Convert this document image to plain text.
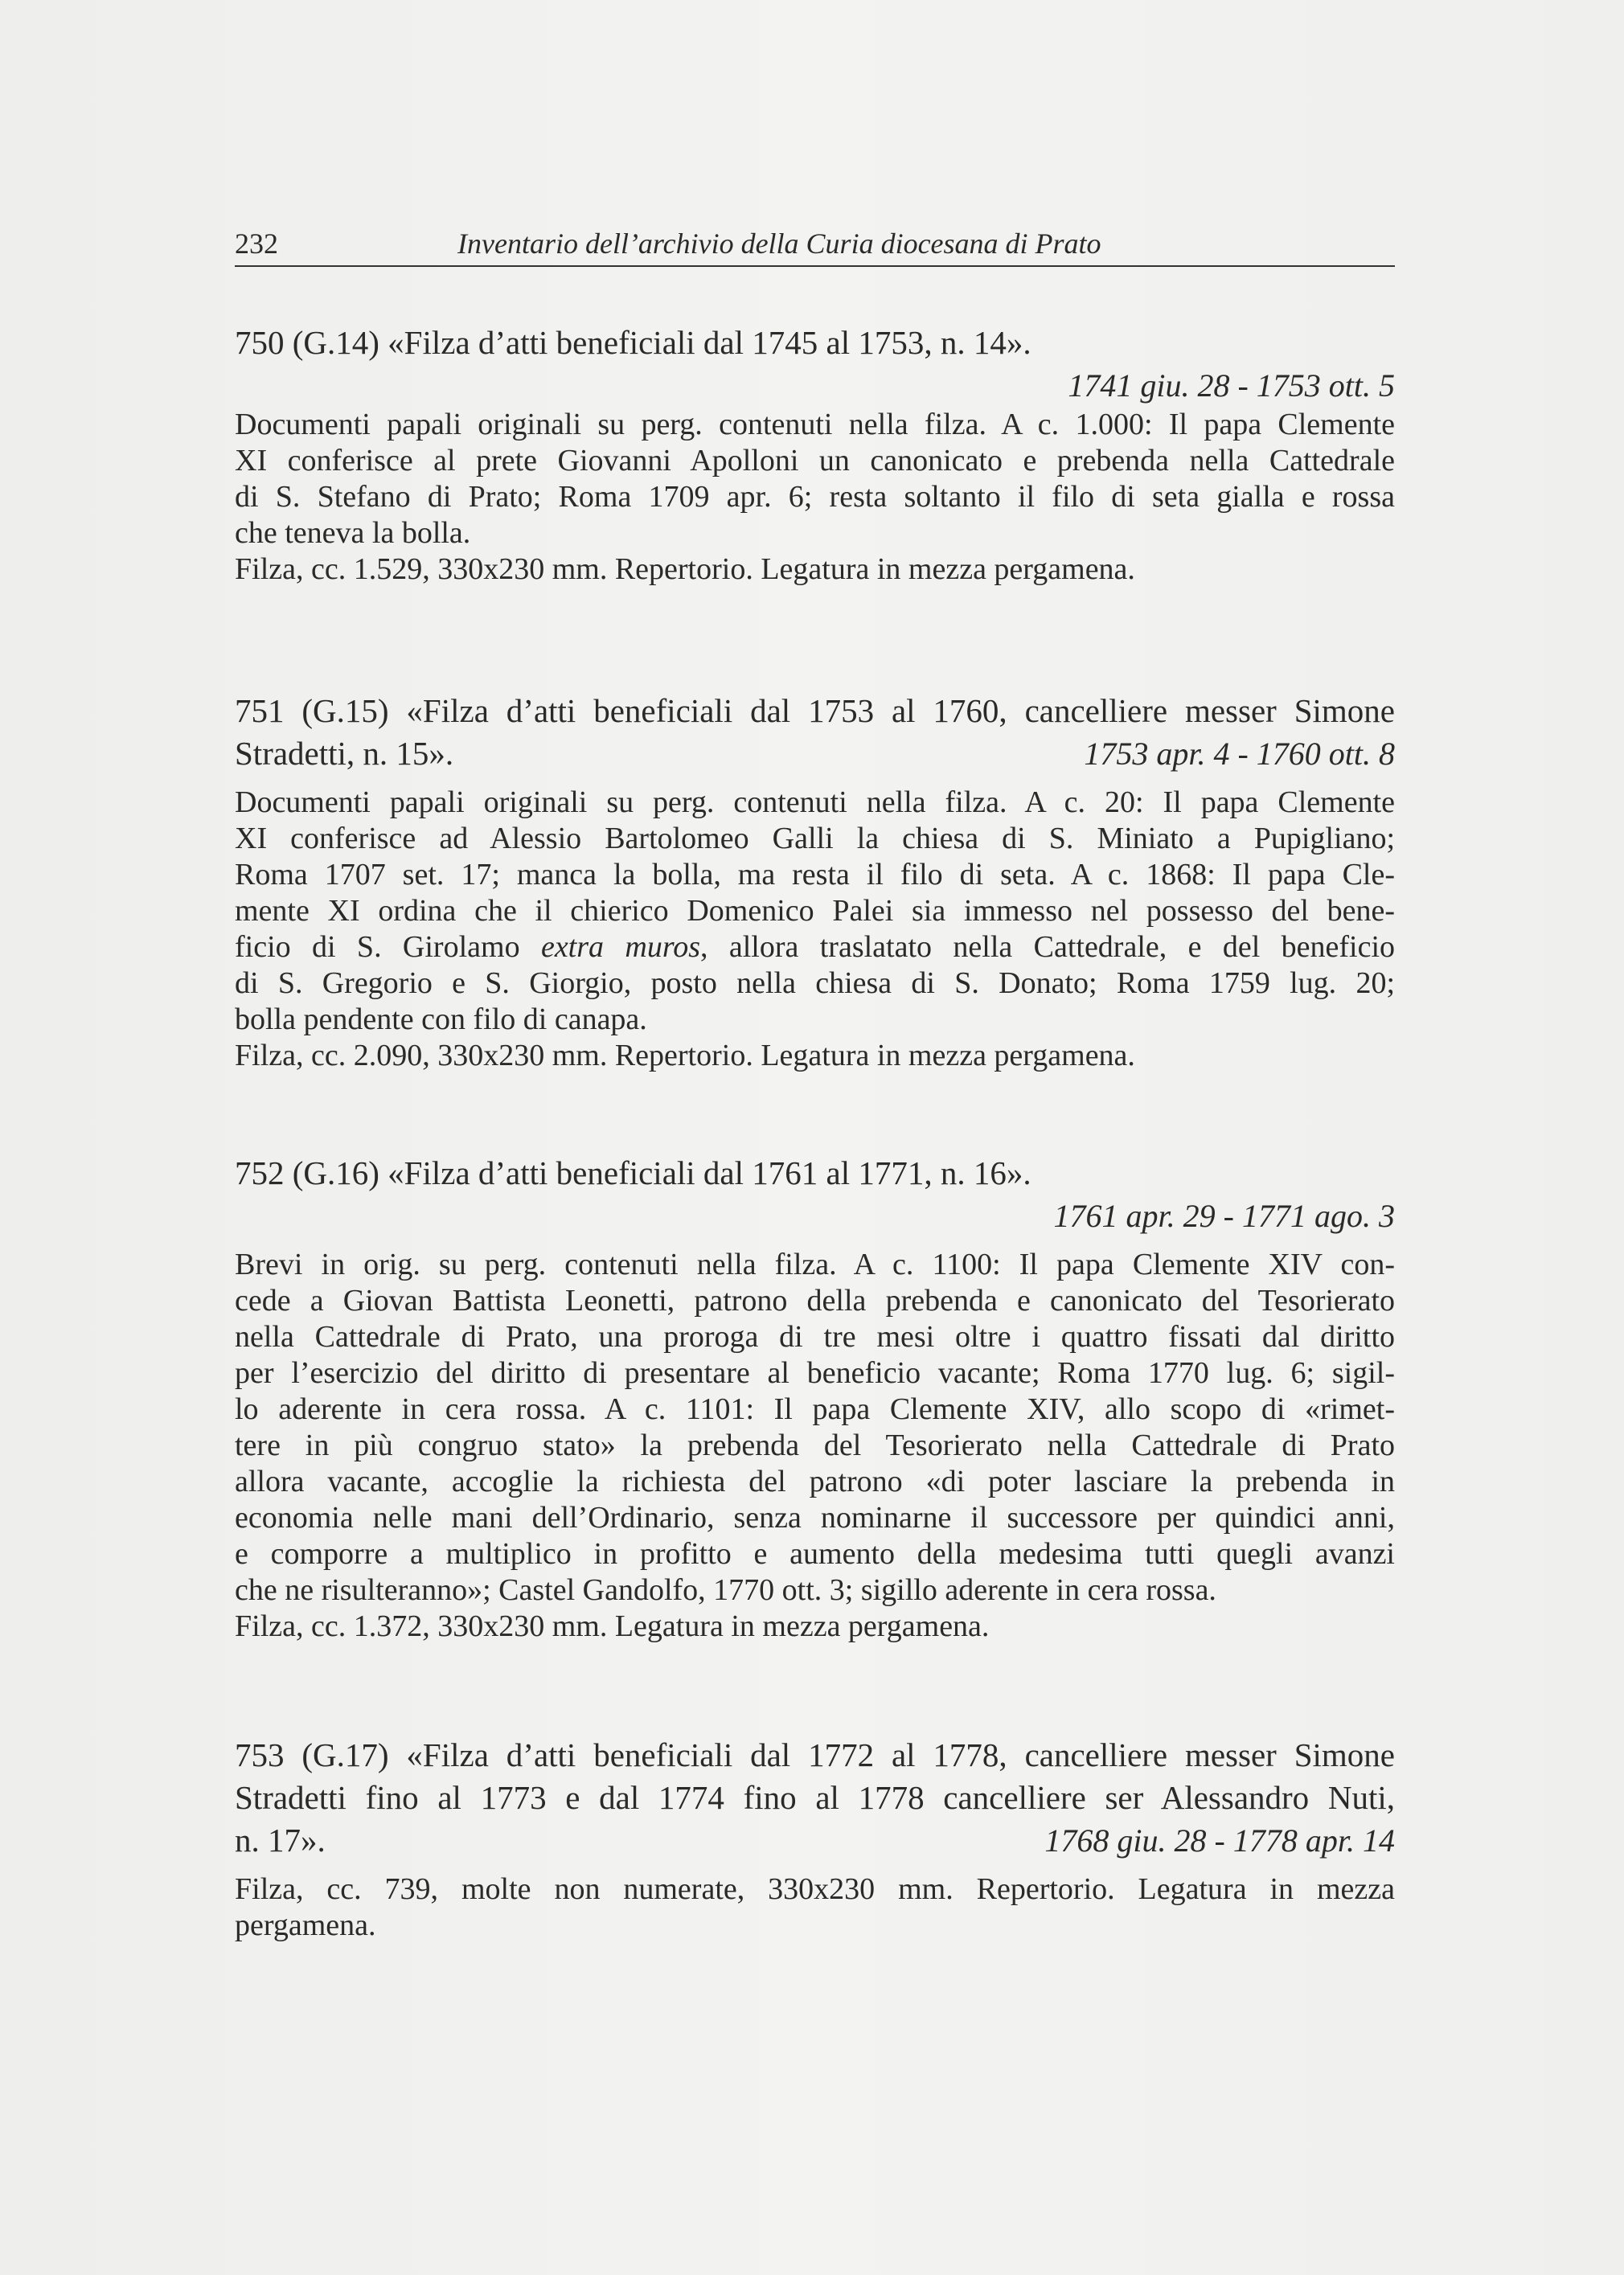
232	Inventario dell’archivio della Curia diocesana di Prato
750 (G.14) «Filza d’atti beneficiali dal 1745 al 1753, n. 14».
1741 giu. 28 - 1753 ott. 5
Documenti papali originali su perg. contenuti nella filza. A c. 1.000: Il papa Clemente
XI conferisce al prete Giovanni Apolloni un canonicato e prebenda nella Cattedrale
di S. Stefano di Prato; Roma 1709 apr. 6; resta soltanto il filo di seta gialla e rossa
che teneva la bolla.
Filza, cc. 1.529, 330x230 mm. Repertorio. Legatura in mezza pergamena.
751 (G.15) «Filza d’atti beneficiali dal 1753 al 1760, cancelliere messer Simone
Stradetti, n. 15».	1753 apr. 4 - 1760 ott. 8
Documenti papali originali su perg. contenuti nella filza. A c. 20: Il papa Clemente
XI conferisce ad Alessio Bartolomeo Galli la chiesa di S. Miniato a Pupigliano;
Roma 1707 set. 17; manca la bolla, ma resta il filo di seta. A c. 1868: Il papa Cle-
mente XI ordina che il chierico Domenico Palei sia immesso nel possesso del bene-
ficio di S. Girolamo extra muros, allora traslatato nella Cattedrale, e del beneficio
di S. Gregorio e S. Giorgio, posto nella chiesa di S. Donato; Roma 1759 lug. 20;
bolla pendente con filo di canapa.
Filza, cc. 2.090, 330x230 mm. Repertorio. Legatura in mezza pergamena.
752 (G.16) «Filza d’atti beneficiali dal 1761 al 1771, n. 16».
1761 apr. 29 - 1771 ago. 3
Brevi in orig. su perg. contenuti nella filza. A c. 1100: Il papa Clemente XIV con-
cede a Giovan Battista Leonetti, patrono della prebenda e canonicato del Tesorierato
nella Cattedrale di Prato, una proroga di tre mesi oltre i quattro fissati dal diritto
per l’esercizio del diritto di presentare al beneficio vacante; Roma 1770 lug. 6; sigil-
lo aderente in cera rossa. A c. 1101: Il papa Clemente XIV, allo scopo di «rimet-
tere in più congruo stato» la prebenda del Tesorierato nella Cattedrale di Prato
allora vacante, accoglie la richiesta del patrono «di poter lasciare la prebenda in
economia nelle mani dell’Ordinario, senza nominarne il successore per quindici anni,
e comporre a multiplico in profitto e aumento della medesima tutti quegli avanzi
che ne risulteranno»; Castel Gandolfo, 1770 ott. 3; sigillo aderente in cera rossa.
Filza, cc. 1.372, 330x230 mm. Legatura in mezza pergamena.
753 (G.17) «Filza d’atti beneficiali dal 1772 al 1778, cancelliere messer Simone
Stradetti fino al 1773 e dal 1774 fino al 1778 cancelliere ser Alessandro Nuti,
n. 17».	1768 giu. 28 - 1778 apr. 14
Filza, cc. 739, molte non numerate, 330x230 mm. Repertorio. Legatura in mezza
pergamena.
